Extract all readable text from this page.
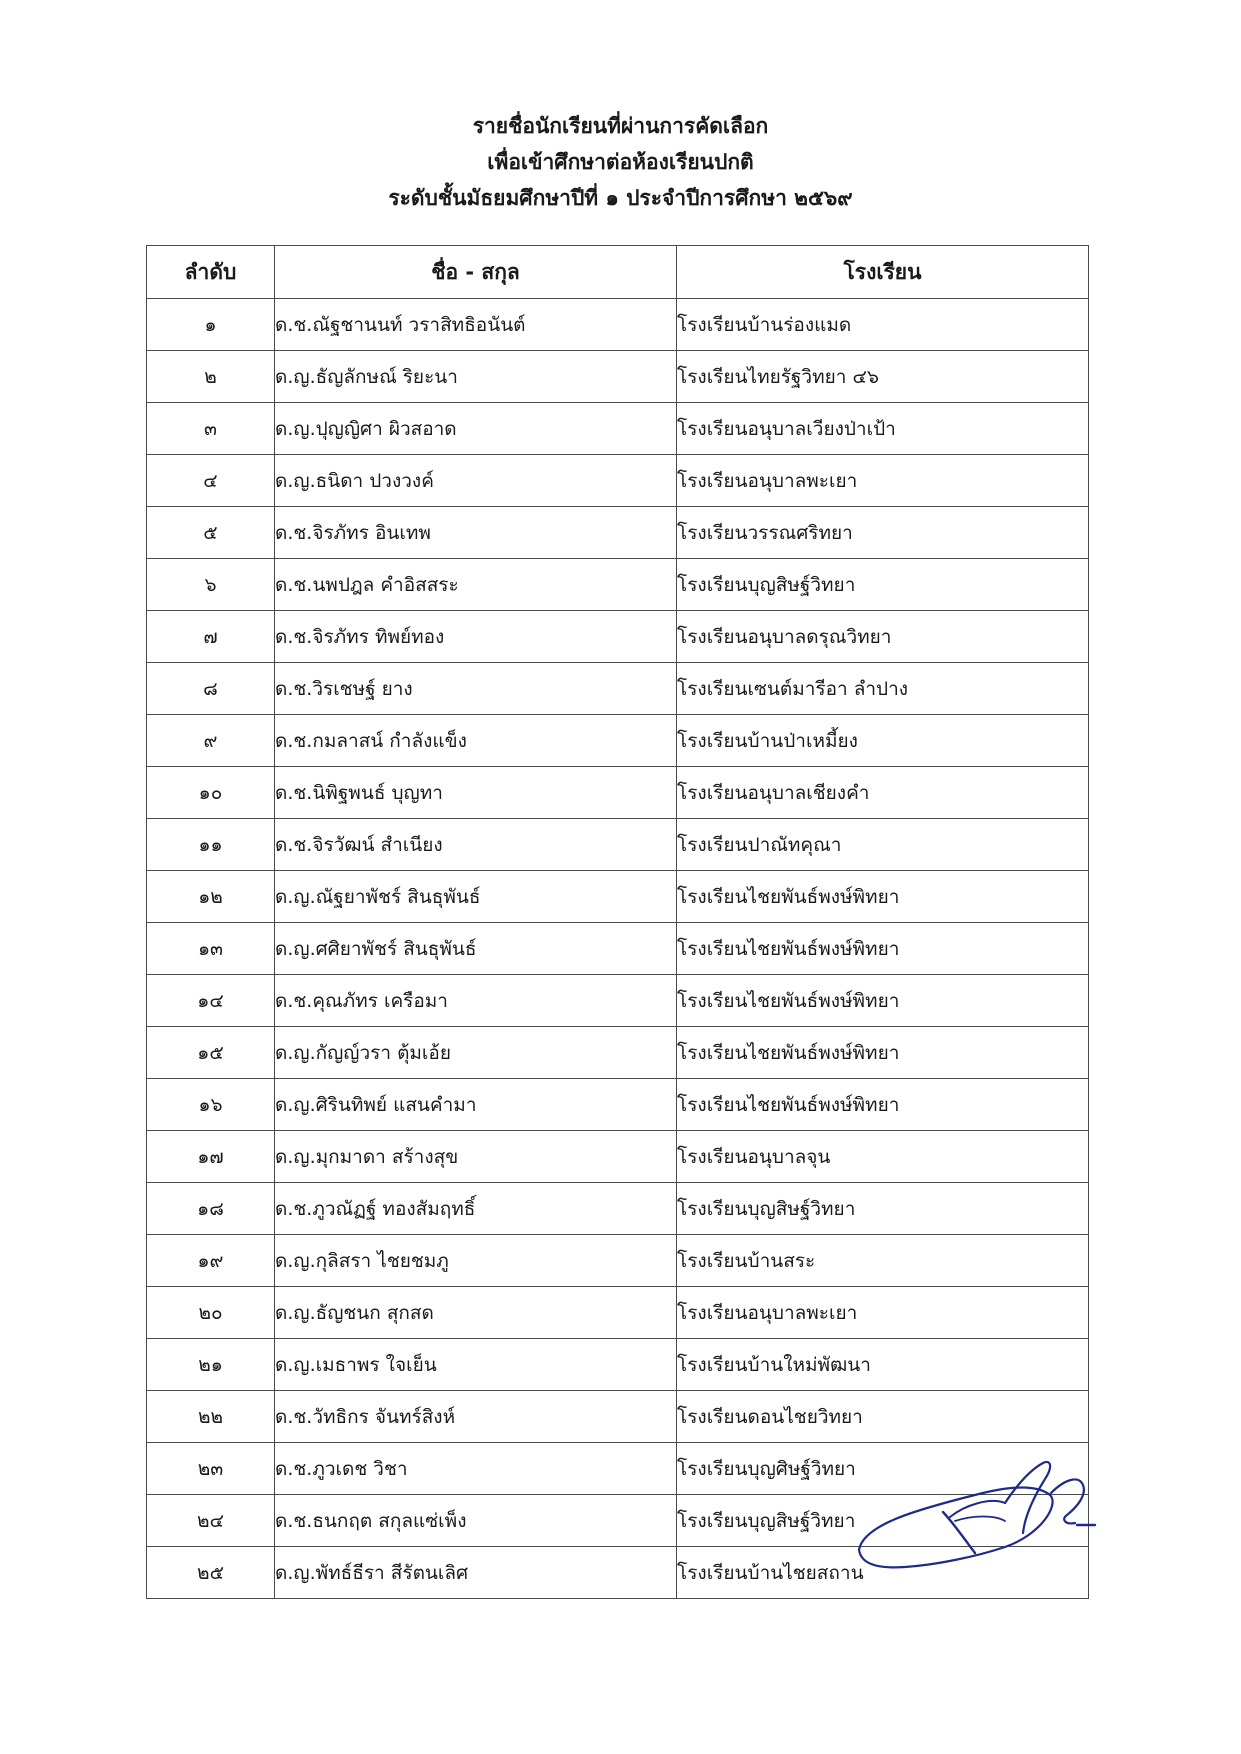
รายชื่อนักเรียนที่ผ่านการคัดเลือก
เพื่อเข้าศึกษาต่อห้องเรียนปกติ
ระดับชั้นมัธยมศึกษาปีที่ ๑ ประจำปีการศึกษา ๒๕๖๙
ลำดับ	ชื่อ - สกุล	โรงเรียน
๑	ด.ช.ณัฐชานนท์ วราสิทธิอนันต์	โรงเรียนบ้านร่องแมด
๒	ด.ญ.ธัญลักษณ์ ริยะนา	โรงเรียนไทยรัฐวิทยา ๔๖
๓	ด.ญ.ปุญญิศา ผิวสอาด	โรงเรียนอนุบาลเวียงป่าเป้า
๔	ด.ญ.ธนิดา ปวงวงค์	โรงเรียนอนุบาลพะเยา
๕	ด.ช.จิรภัทร อินเทพ	โรงเรียนวรรณศริทยา
๖	ด.ช.นพปฎล คำอิสสระ	โรงเรียนบุญสิษฐ์วิทยา
๗	ด.ช.จิรภัทร ทิพย์ทอง	โรงเรียนอนุบาลดรุณวิทยา
๘	ด.ช.วิรเชษฐ์ ยาง	โรงเรียนเซนต์มารีอา ลำปาง
๙	ด.ช.กมลาสน์ กำลังแข็ง	โรงเรียนบ้านป่าเหมี้ยง
๑๐	ด.ช.นิพิฐพนธ์ บุญทา	โรงเรียนอนุบาลเชียงคำ
๑๑	ด.ช.จิรวัฒน์ สำเนียง	โรงเรียนปาณัทคุณา
๑๒	ด.ญ.ณัฐยาพัชร์ สินธุพันธ์	โรงเรียนไชยพันธ์พงษ์พิทยา
๑๓	ด.ญ.ศศิยาพัชร์ สินธุพันธ์	โรงเรียนไชยพันธ์พงษ์พิทยา
๑๔	ด.ช.คุณภัทร เครือมา	โรงเรียนไชยพันธ์พงษ์พิทยา
๑๕	ด.ญ.กัญญ์วรา ตุ้มเอ้ย	โรงเรียนไชยพันธ์พงษ์พิทยา
๑๖	ด.ญ.ศิรินทิพย์ แสนคำมา	โรงเรียนไชยพันธ์พงษ์พิทยา
๑๗	ด.ญ.มุกมาดา สร้างสุข	โรงเรียนอนุบาลจุน
๑๘	ด.ช.ภูวณัฏฐ์ ทองสัมฤทธิ์	โรงเรียนบุญสิษฐ์วิทยา
๑๙	ด.ญ.กุลิสรา ไชยชมภู	โรงเรียนบ้านสระ
๒๐	ด.ญ.ธัญชนก สุกสด	โรงเรียนอนุบาลพะเยา
๒๑	ด.ญ.เมธาพร ใจเย็น	โรงเรียนบ้านใหม่พัฒนา
๒๒	ด.ช.วัทธิกร จันทร์สิงห์	โรงเรียนดอนไชยวิทยา
๒๓	ด.ช.ภูวเดช วิชา	โรงเรียนบุญศิษฐ์วิทยา
๒๔	ด.ช.ธนกฤต สกุลแซ่เพ็ง	โรงเรียนบุญสิษฐ์วิทยา
๒๕	ด.ญ.พัทธ์ธีรา สีรัตนเลิศ	โรงเรียนบ้านไชยสถาน
